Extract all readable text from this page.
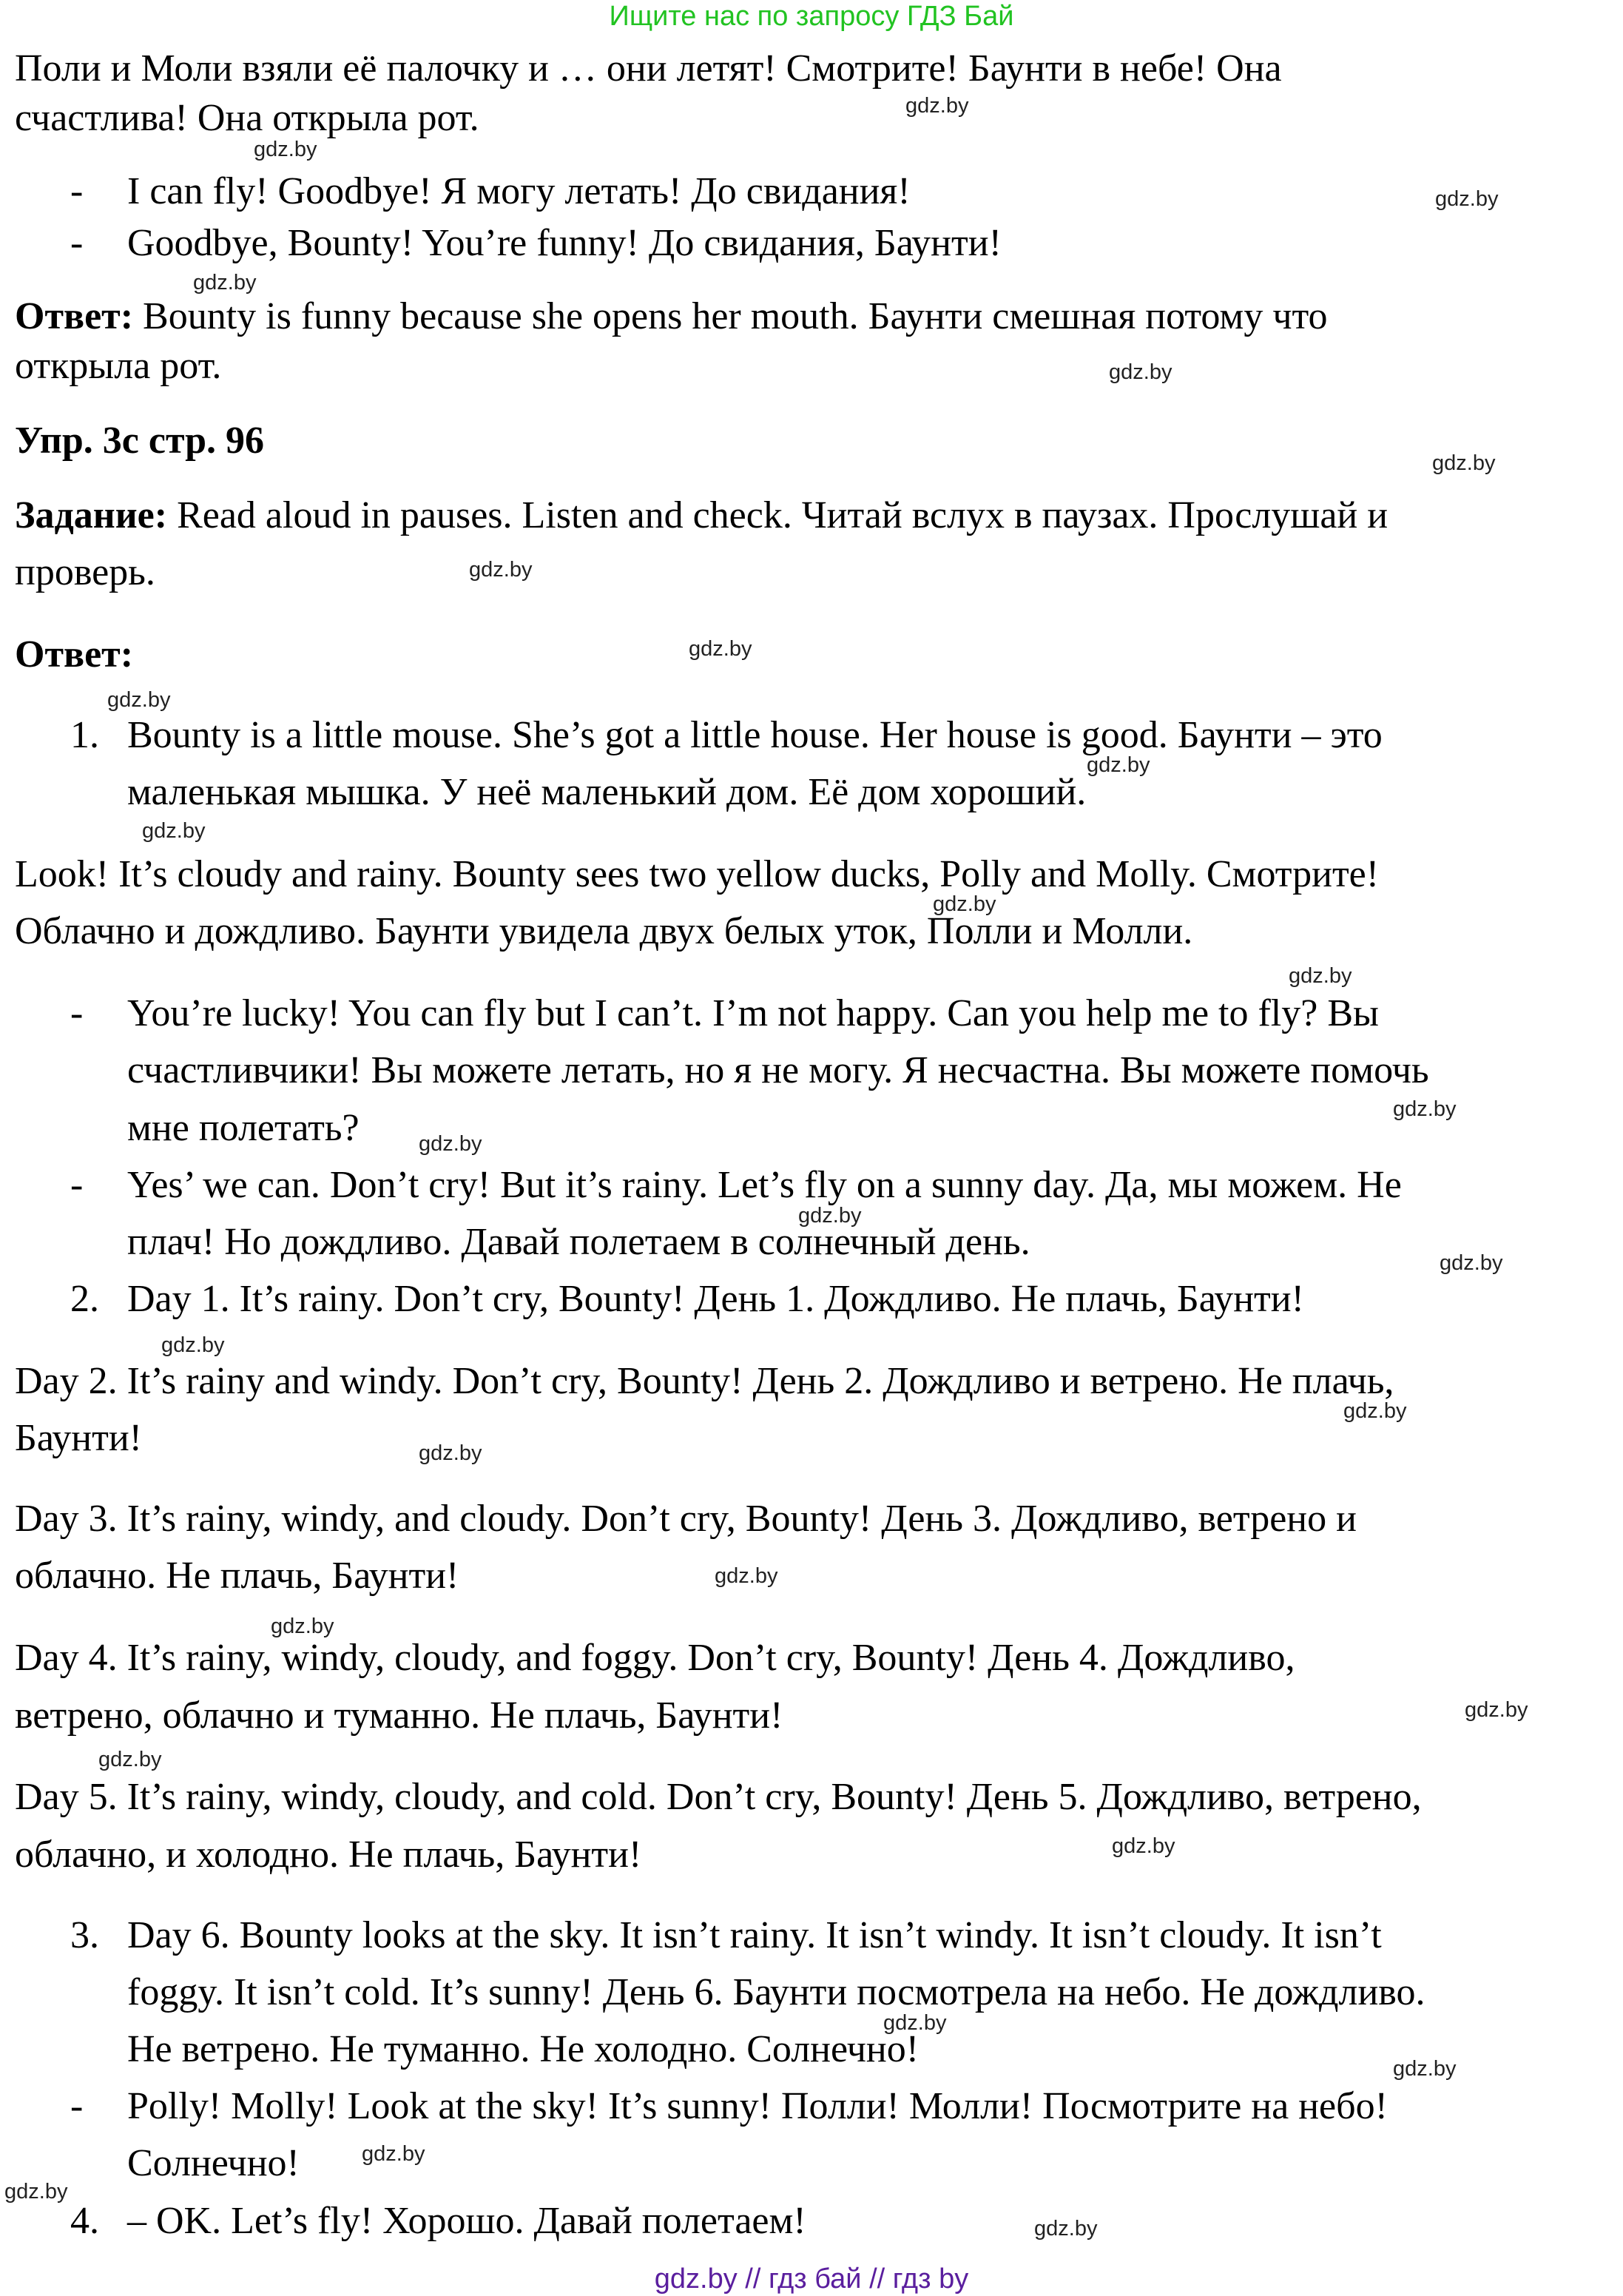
Ищите нас по запросу ГДЗ Бай
Поли и Моли взяли её палочку и … они летят! Смотрите! Баунти в небе! Она
счастлива! Она открыла рот.
- I can fly! Goodbye! Я могу летать! До свидания!
- Goodbye, Bounty! You’re funny! До свидания, Баунти!
Ответ: Bounty is funny because she opens her mouth. Баунти смешная потому что
открыла рот.
Упр. 3с стр. 96
Задание: Read aloud in pauses. Listen and check. Читай вслух в паузах. Прослушай и
проверь.
Ответ:
1. Bounty is a little mouse. She’s got a little house. Her house is good. Баунти – это
маленькая мышка. У неё маленький дом. Её дом хороший.
Look! It’s cloudy and rainy. Bounty sees two yellow ducks, Polly and Molly. Смотрите!
Облачно и дождливо. Баунти увидела двух белых уток, Полли и Молли.
- You’re lucky! You can fly but I can’t. I’m not happy. Can you help me to fly? Вы
счастливчики! Вы можете летать, но я не могу. Я несчастна. Вы можете помочь
мне полетать?
- Yes’ we can. Don’t cry! But it’s rainy. Let’s fly on a sunny day. Да, мы можем. Не
плач! Но дождливо. Давай полетаем в солнечный день.
2. Day 1. It’s rainy. Don’t cry, Bounty! День 1. Дождливо. Не плачь, Баунти!
Day 2. It’s rainy and windy. Don’t cry, Bounty! День 2. Дождливо и ветрено. Не плачь,
Баунти!
Day 3. It’s rainy, windy, and cloudy. Don’t cry, Bounty! День 3. Дождливо, ветрено и
облачно. Не плачь, Баунти!
Day 4. It’s rainy, windy, cloudy, and foggy. Don’t cry, Bounty! День 4. Дождливо,
ветрено, облачно и туманно. Не плачь, Баунти!
Day 5. It’s rainy, windy, cloudy, and cold. Don’t cry, Bounty! День 5. Дождливо, ветрено,
облачно, и холодно. Не плачь, Баунти!
3. Day 6. Bounty looks at the sky. It isn’t rainy. It isn’t windy. It isn’t cloudy. It isn’t
foggy. It isn’t cold. It’s sunny! День 6. Баунти посмотрела на небо. Не дождливо.
Не ветрено. Не туманно. Не холодно. Солнечно!
- Polly! Molly! Look at the sky! It’s sunny! Полли! Молли! Посмотрите на небо!
Солнечно!
4. – OK. Let’s fly! Хорошо. Давай полетаем!
gdz.by
gdz.by
gdz.by
gdz.by
gdz.by
gdz.by
gdz.by
gdz.by
gdz.by
gdz.by
gdz.by
gdz.by
gdz.by
gdz.by
gdz.by
gdz.by
gdz.by
gdz.by
gdz.by
gdz.by
gdz.by
gdz.by
gdz.by
gdz.by
gdz.by
gdz.by
gdz.by
gdz.by
gdz.by
gdz.by
gdz.by // гдз бай // гдз by
